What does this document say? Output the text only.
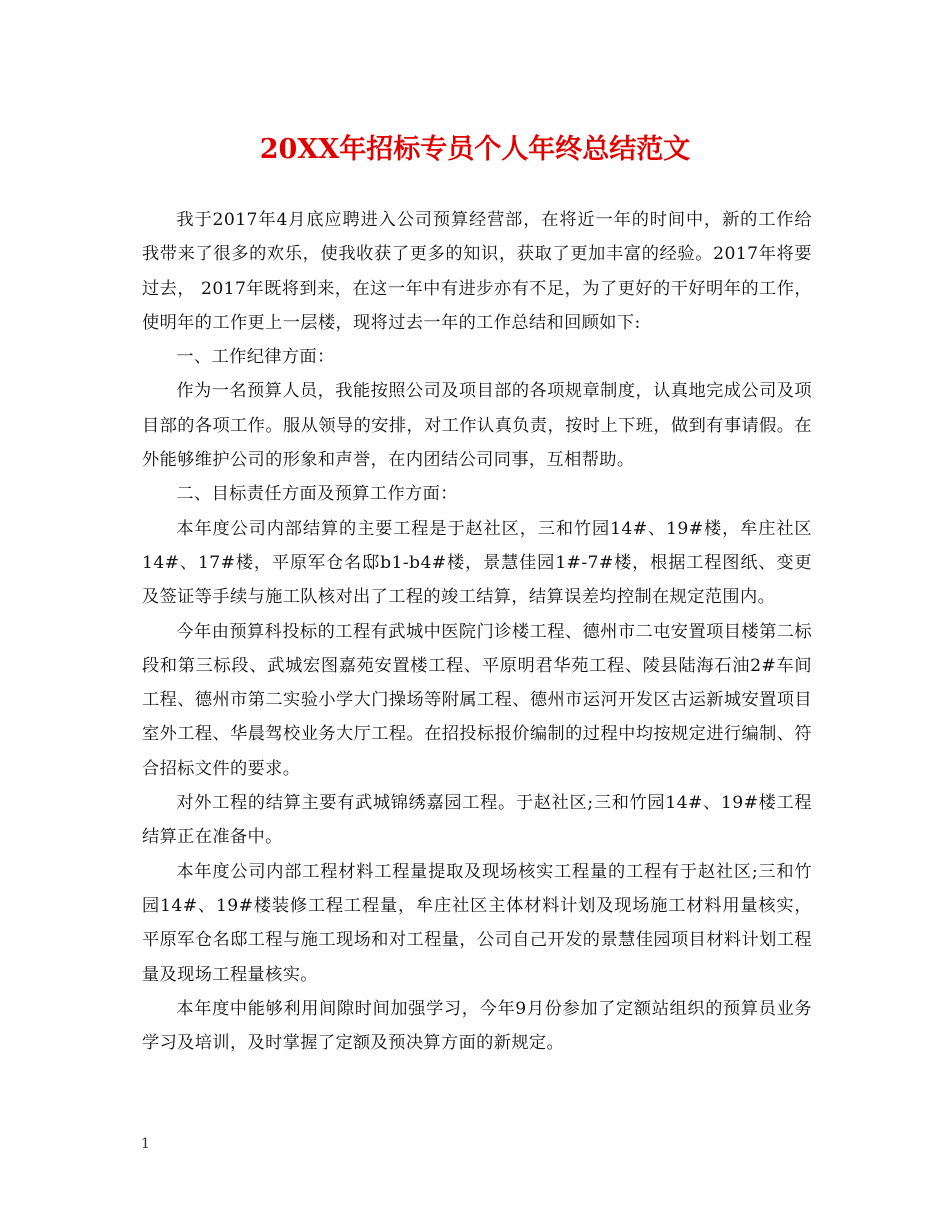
20XX年招标专员个人年终总结范文

我于2017年4月底应聘进入公司预算经营部，在将近一年的时间中，新的工作给我带来了很多的欢乐，使我收获了更多的知识，获取了更加丰富的经验。2017年将要过去， 2017年既将到来，在这一年中有进步亦有不足，为了更好的干好明年的工作，使明年的工作更上一层楼，现将过去一年的工作总结和回顾如下:

一、工作纪律方面：

作为一名预算人员，我能按照公司及项目部的各项规章制度，认真地完成公司及项目部的各项工作。服从领导的安排，对工作认真负责，按时上下班，做到有事请假。在外能够维护公司的形象和声誉，在内团结公司同事，互相帮助。

二、目标责任方面及预算工作方面：

本年度公司内部结算的主要工程是于赵社区，三和竹园14#、19#楼，牟庄社区14#、17#楼，平原军仓名邸b1-b4#楼，景慧佳园1#-7#楼，根据工程图纸、变更及签证等手续与施工队核对出了工程的竣工结算，结算误差均控制在规定范围内。

今年由预算科投标的工程有武城中医院门诊楼工程、德州市二屯安置项目楼第二标段和第三标段、武城宏图嘉苑安置楼工程、平原明君华苑工程、陵县陆海石油2#车间工程、德州市第二实验小学大门操场等附属工程、德州市运河开发区古运新城安置项目室外工程、华晨驾校业务大厅工程。在招投标报价编制的过程中均按规定进行编制、符合招标文件的要求。

对外工程的结算主要有武城锦绣嘉园工程。于赵社区;三和竹园14#、19#楼工程结算正在准备中。

本年度公司内部工程材料工程量提取及现场核实工程量的工程有于赵社区;三和竹园14#、19#楼装修工程工程量，牟庄社区主体材料计划及现场施工材料用量核实，平原军仓名邸工程与施工现场和对工程量，公司自己开发的景慧佳园项目材料计划工程量及现场工程量核实。

本年度中能够利用间隙时间加强学习，今年9月份参加了定额站组织的预算员业务学习及培训，及时掌握了定额及预决算方面的新规定。

1
